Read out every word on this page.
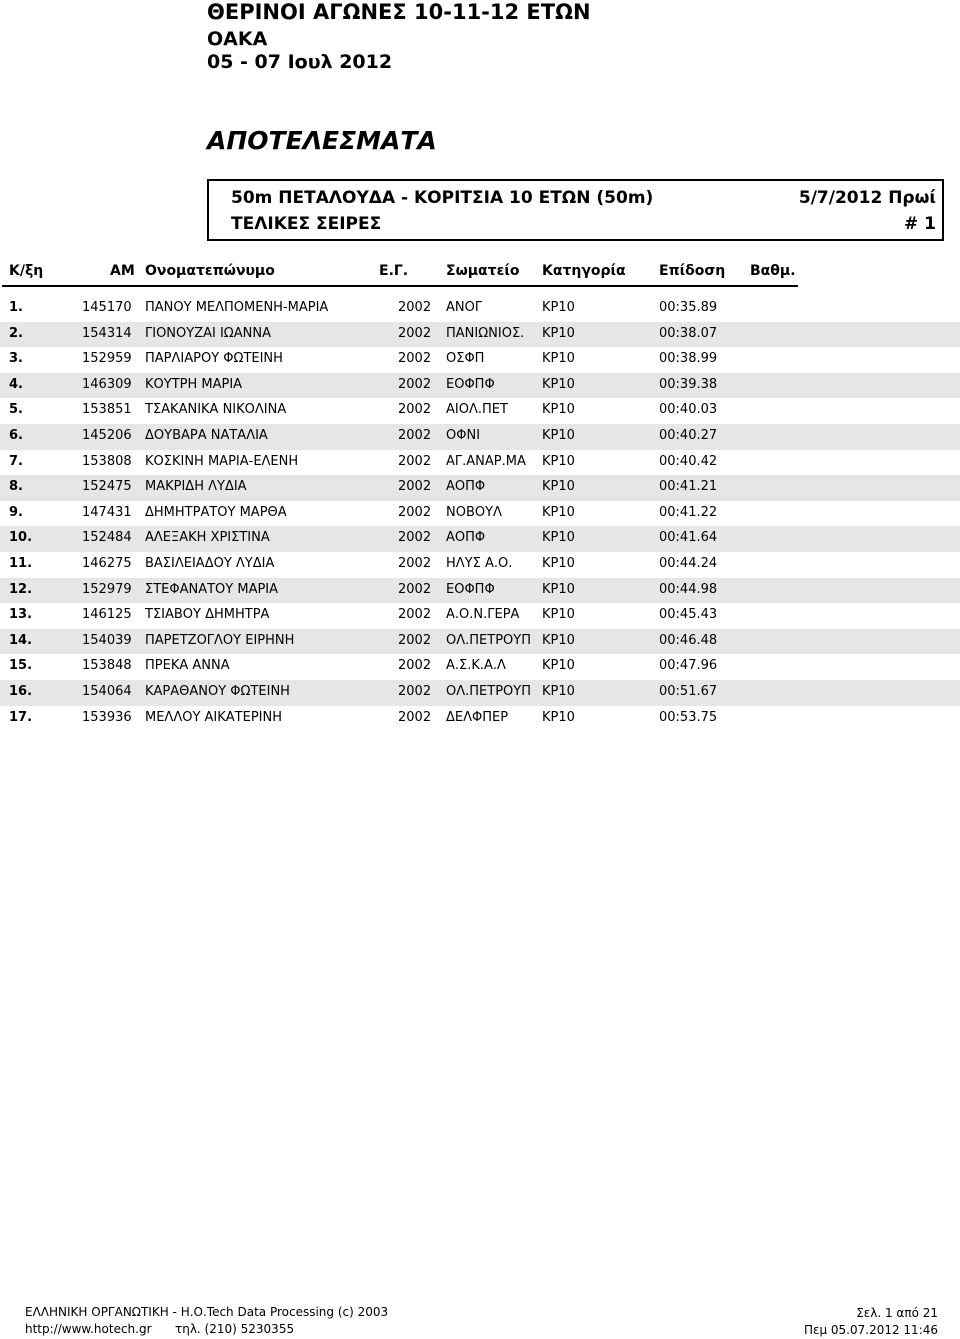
ΘΕΡΙΝΟΙ ΑΓΩΝΕΣ 10-11-12 ΕΤΩΝ
ΟΑΚΑ
05 - 07 Ιουλ 2012
ΑΠΟΤΕΛΕΣΜΑΤΑ
50m ΠΕΤΑΛΟΥΔΑ - ΚΟΡΙΤΣΙΑ 10 ΕΤΩΝ (50m)	5/7/2012 Πρωί
ΤΕΛΙΚΕΣ ΣΕΙΡΕΣ	# 1
Κ/ξη	ΑΜ Ονοματεπώνυμο	Ε.Γ.	Σωματείο Κατηγορία Επίδοση Βαθμ.
1.	145170 ΠΑΝΟΥ ΜΕΛΠΟΜΕΝΗ-ΜΑΡΙΑ	2002 ΑΝΟΓ	ΚΡ10	00:35.89
2.	154314 ΓΙΟΝΟΥΖΑΙ ΙΩΑΝΝΑ	2002 ΠΑΝΙΩΝΙΟΣ. ΚΡ10	00:38.07
3.	152959 ΠΑΡΛΙΑΡΟΥ ΦΩΤΕΙΝΗ	2002 ΟΣΦΠ	ΚΡ10	00:38.99
4.	146309 ΚΟΥΤΡΗ ΜΑΡΙΑ	2002 ΕΟΦΠΦ	ΚΡ10	00:39.38
5.	153851 ΤΣΑΚΑΝΙΚΑ ΝΙΚΟΛΙΝΑ	2002 ΑΙΟΛ.ΠΕΤ	ΚΡ10	00:40.03
6.	145206 ΔΟΥΒΑΡΑ ΝΑΤΑΛΙΑ	2002 ΟΦΝΙ	ΚΡ10	00:40.27
7.	153808 ΚΟΣΚΙΝΗ ΜΑΡΙΑ-ΕΛΕΝΗ	2002 ΑΓ.ΑΝΑΡ.ΜΑ ΚΡ10	00:40.42
8.	152475 ΜΑΚΡΙΔΗ ΛΥΔΙΑ	2002 ΑΟΠΦ	ΚΡ10	00:41.21
9.	147431 ΔΗΜΗΤΡΑΤΟΥ ΜΑΡΘΑ	2002 ΝΟΒΟΥΛ	ΚΡ10	00:41.22
10.	152484 ΑΛΕΞΑΚΗ ΧΡΙΣΤΙΝΑ	2002 ΑΟΠΦ	ΚΡ10	00:41.64
11.	146275 ΒΑΣΙΛΕΙΑΔΟΥ ΛΥΔΙΑ	2002 ΗΛΥΣ Α.Ο. ΚΡ10	00:44.24
12.	152979 ΣΤΕΦΑΝΑΤΟΥ ΜΑΡΙΑ	2002 ΕΟΦΠΦ	ΚΡ10	00:44.98
13.	146125 ΤΣΙΑΒΟΥ ΔΗΜΗΤΡΑ	2002 Α.Ο.Ν.ΓΕΡΑ ΚΡ10	00:45.43
14.	154039 ΠΑΡΕΤΖΟΓΛΟΥ ΕΙΡΗΝΗ	2002 ΟΛ.ΠΕΤΡΟΥΠ ΚΡ10	00:46.48
15.	153848 ΠΡΕΚΑ ΑΝΝΑ	2002 Α.Σ.Κ.Α.Λ	ΚΡ10	00:47.96
16.	154064 ΚΑΡΑΘΑΝΟΥ ΦΩΤΕΙΝΗ	2002 ΟΛ.ΠΕΤΡΟΥΠ ΚΡ10	00:51.67
17.	153936 ΜΕΛΛΟΥ ΑΙΚΑΤΕΡΙΝΗ	2002 ΔΕΛΦΠΕΡ	ΚΡ10	00:53.75
ΕΛΛΗΝΙΚΗ ΟΡΓΑΝΩΤΙΚΗ - Η.Ο.Tech Data Processing (c) 2003
http://www.hotech.gr τηλ. (210) 5230355
Σελ. 1 από 21
Πεμ 05.07.2012 11:46
